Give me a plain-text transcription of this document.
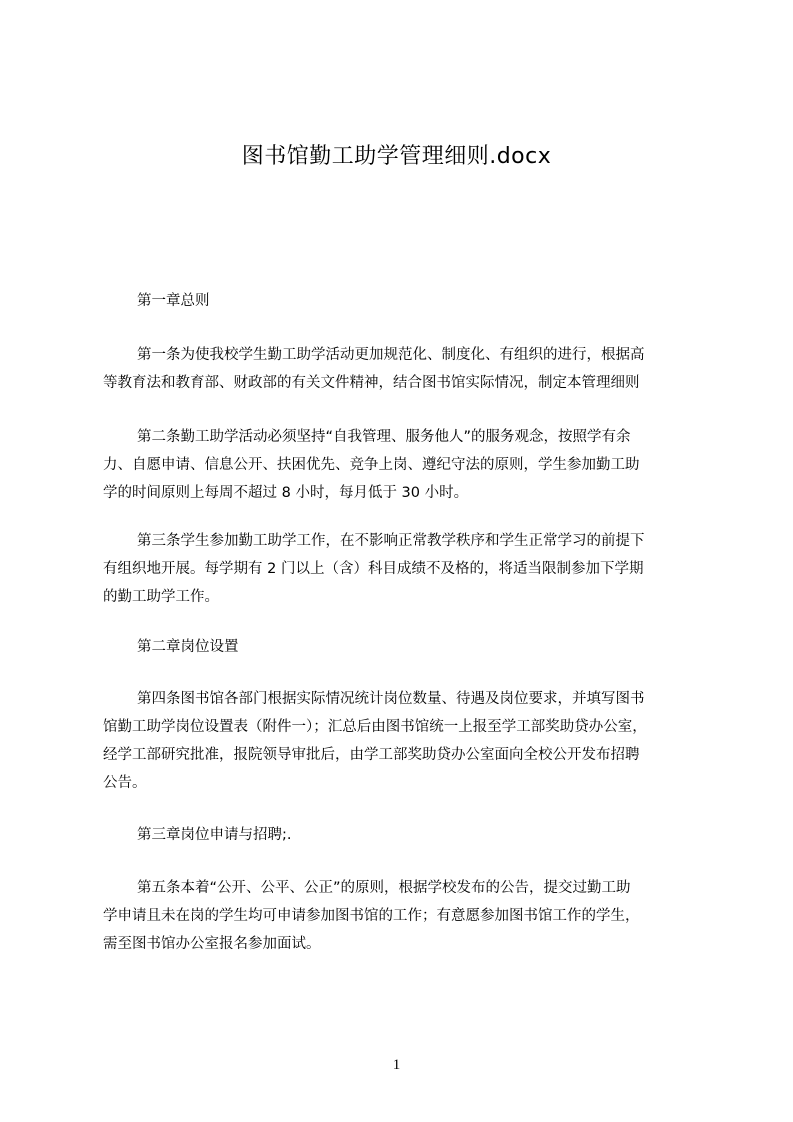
图书馆勤工助学管理细则.docx
第一章总则
第一条为使我校学生勤工助学活动更加规范化、制度化、有组织的进行，根据高
等教育法和教育部、财政部的有关文件精神，结合图书馆实际情况，制定本管理细则
第二条勤工助学活动必须坚持“自我管理、服务他人”的服务观念，按照学有余
力、自愿申请、信息公开、扶困优先、竞争上岗、遵纪守法的原则，学生参加勤工助
学的时间原则上每周不超过 8 小时，每月低于 30 小时。
第三条学生参加勤工助学工作，在不影响正常教学秩序和学生正常学习的前提下
有组织地开展。每学期有 2 门以上（含）科目成绩不及格的，将适当限制参加下学期
的勤工助学工作。
第二章岗位设置
第四条图书馆各部门根据实际情况统计岗位数量、待遇及岗位要求，并填写图书
馆勤工助学岗位设置表（附件一）；汇总后由图书馆统一上报至学工部奖助贷办公室，
经学工部研究批准，报院领导审批后，由学工部奖助贷办公室面向全校公开发布招聘
公告。
第三章岗位申请与招聘;.
第五条本着“公开、公平、公正”的原则，根据学校发布的公告，提交过勤工助
学申请且未在岗的学生均可申请参加图书馆的工作；有意愿参加图书馆工作的学生，
需至图书馆办公室报名参加面试。
1
